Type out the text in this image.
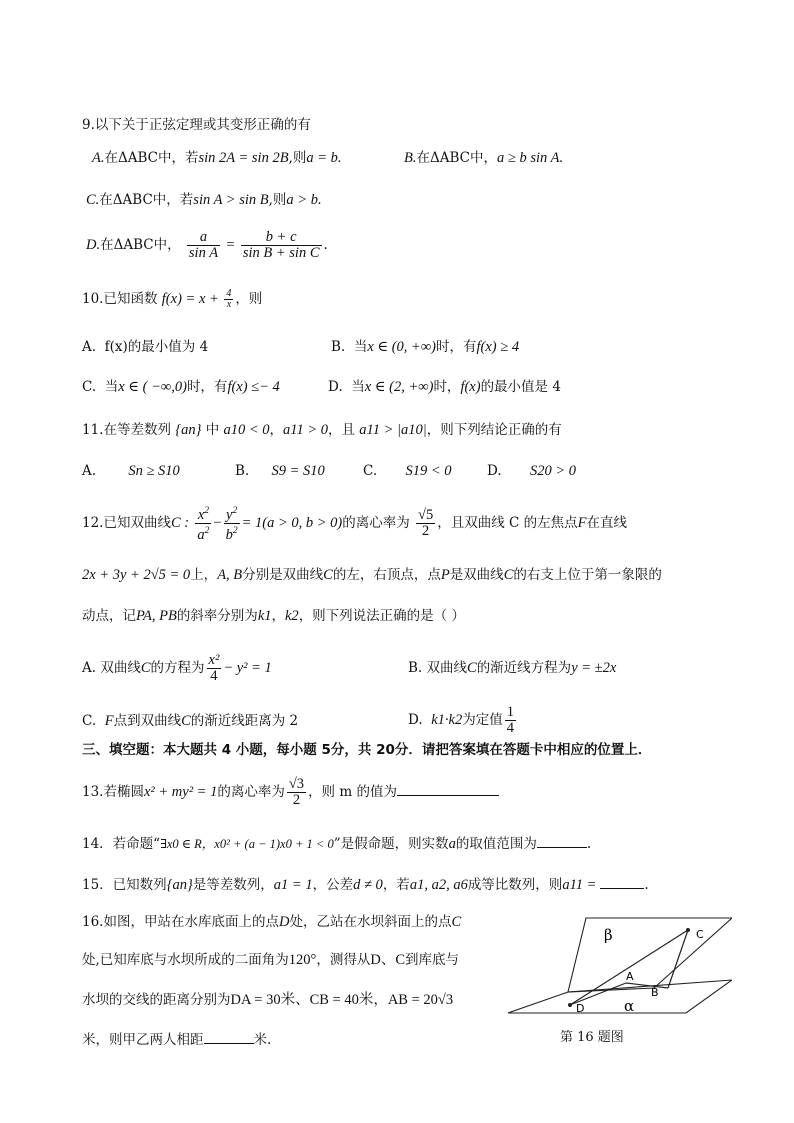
9.以下关于正弦定理或其变形正确的有
A.在ΔABC中，若sin 2A = sin 2B,则a = b.	B.在ΔABC中，a ≥ b sin A.
C.在ΔABC中，若sin A > sin B,则a > b.
D.在ΔABC中， $\frac{a}{\text{sin A}} = \frac{b + c}{\text{sin B + sin C}}$ .
10.已知函数 $f(x) = x + \frac{4}{x}$ ，则
A. f(x)的最小值为 4	B. 当x ∈ (0, +∞)时，有f(x) ≥ 4
C. 当x ∈ ( −∞,0)时，有f(x) ≤− 4	D. 当x ∈ (2, +∞)时，f(x)的最小值是 4
11.在等差数列 {an} 中 a10 < 0，a11 > 0，且 a11 > |a10|，则下列结论正确的有
A. Sn ≥ S10	B. S9 = S10	C. S19 < 0	D. S20 > 0
12.已知双曲线C : $\frac{x^2}{a^2} - \frac{y^2}{b^2} = 1(a > 0$, b > 0)的离心率为 $\frac{√5}{2}$ ，且双曲线 C 的左焦点F在直线
2x + 3y + 2√5 = 0上，A, B分别是双曲线C的左，右顶点，点P是双曲线C的右支上位于第一象限的
动点，记PA, PB的斜率分别为k1，k2，则下列说法正确的是（ ）
A. 双曲线C的方程为 $\frac{\text{x²}}{4} - y^2 = 1$	B. 双曲线C的渐近线方程为y = ±2x
C. F点到双曲线C的渐近线距离为 2	D. k1·k2为定值 $\frac{1}{4}$
三、填空题：本大题共 4 小题，每小题 5分，共 20分．请把答案填在答题卡中相应的位置上．
13.若椭圆x² + my² = 1的离心率为 $\frac{√3}{2}$ ，则 m 的值为
14．若命题“∃x0 ∈ R，x0² + (a − 1)x0 + 1 < 0”是假命题，则实数a的取值范围为	.
15．已知数列{an}是等差数列，a1 = 1，公差d ≠ 0，若a1, a2, a6成等比数列，则a11 =	.
16.如图，甲站在水库底面上的点D处，乙站在水坝斜面上的点C
处,已知库底与水坝所成的二面角为120°，测得从D、C到库底与
水坝的交线的距离分别为DA = 30米、CB = 40米，AB = 20√3
米，则甲乙两人相距	米.
β	C
A
B
D	α
第 16 题图
